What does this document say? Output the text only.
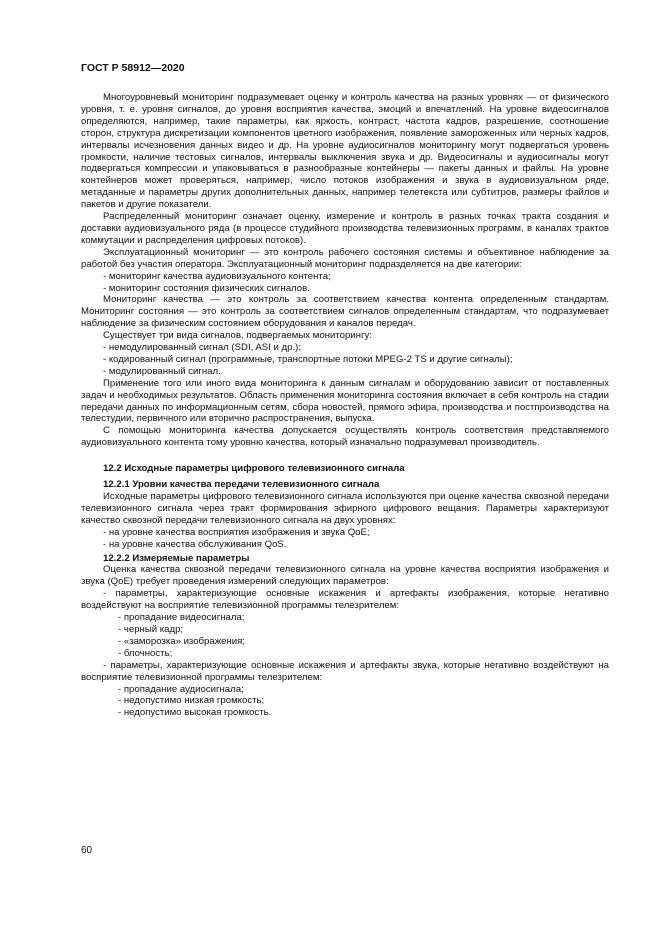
ГОСТ Р 58912—2020

Многоуровневый мониторинг подразумевает оценку и контроль качества на разных уровнях — от физического уровня, т. е. уровня сигналов, до уровня восприятия качества, эмоций и впечатлений. На уровне видеосигналов определяются, например, такие параметры, как яркость, контраст, частота кадров, разрешение, соотношение сторон, структура дискретизации компонентов цветного изображения, появление замороженных или черных кадров, интервалы исчезновения данных видео и др. На уровне аудиосигналов мониторингу могут подвергаться уровень громкости, наличие тестовых сигналов, интервалы выключения звука и др. Видеосигналы и аудиосигналы могут подвергаться компрессии и упаковываться в разнообразные контейнеры — пакеты данных и файлы. На уровне контейнеров может проверяться, например, число потоков изображения и звука в аудиовизуальном ряде, метаданные и параметры других дополнительных данных, например телетекста или субтитров, размеры файлов и пакетов и другие показатели.

Распределенный мониторинг означает оценку, измерение и контроль в разных точках тракта создания и доставки аудиовизуального ряда (в процессе студийного производства телевизионных программ, в каналах трактов коммутации и распределения цифровых потоков).

Эксплуатационный мониторинг — это контроль рабочего состояния системы и объективное наблюдение за работой без участия оператора. Эксплуатационный мониторинг подразделяется на две категории:

- мониторинг качества аудиовизуального контента;

- мониторинг состояния физических сигналов.

Мониторинг качества — это контроль за соответствием качества контента определенным стандартам. Мониторинг состояния — это контроль за соответствием сигналов определенным стандартам, что подразумевает наблюдение за физическим состоянием оборудования и каналов передач.

Существует три вида сигналов, подвергаемых мониторингу:

- немодулированный сигнал (SDI, ASI и др.);

- кодированный сигнал (программные, транспортные потоки MPEG-2 TS и другие сигналы);

- модулированный сигнал.

Применение того или иного вида мониторинга к данным сигналам и оборудованию зависит от поставленных задач и необходимых результатов. Область применения мониторинга состояния включает в себя контроль на стадии передачи данных по информационным сетям, сбора новостей, прямого эфира, производства и постпроизводства на телестудии, первичного или вторично распространения, выпуска.

С помощью мониторинга качества допускается осуществлять контроль соответствия представляемого аудиовизуального контента тому уровню качества, который изначально подразумевал производитель.

12.2 Исходные параметры цифрового телевизионного сигнала
12.2.1 Уровни качества передачи телевизионного сигнала

Исходные параметры цифрового телевизионного сигнала используются при оценке качества сквозной передачи телевизионного сигнала через тракт формирования эфирного цифрового вещания. Параметры характеризуют качество сквозной передачи телевизионного сигнала на двух уровнях:

- на уровне качества восприятия изображения и звука QoE;

- на уровне качества обслуживания QoS.

12.2.2 Измеряемые параметры

Оценка качества сквозной передачи телевизионного сигнала на уровне качества восприятия изображения и звука (QoE) требует проведения измерений следующих параметров:

- параметры, характеризующие основные искажения и артефакты изображения, которые негативно воздействуют на восприятие телевизионной программы телезрителем:

- пропадание видеосигнала;

- черный кадр;

- «заморозка» изображения;

- блочность;

- параметры, характеризующие основные искажения и артефакты звука, которые негативно воздействуют на восприятие телевизионной программы телезрителем:

- пропадание аудиосигнала;

- недопустимо низкая громкость;

- недопустимо высокая громкость.

60
